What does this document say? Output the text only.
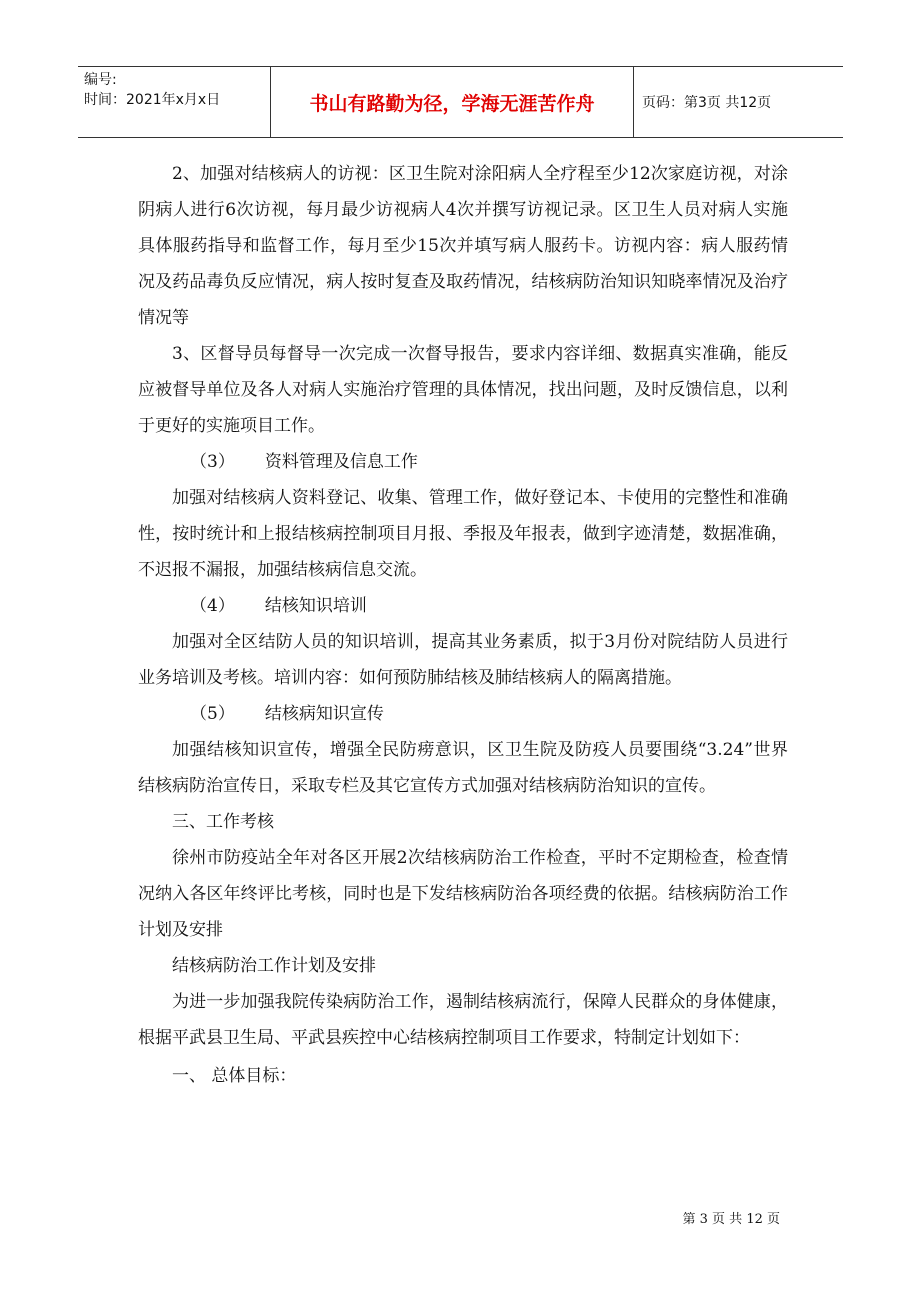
编号:
时间：2021年x月x日	书山有路勤为径，学海无涯苦作舟	页码：第3页 共12页

2、加强对结核病人的访视：区卫生院对涂阳病人全疗程至少12次家庭访视，对涂阴病人进行6次访视，每月最少访视病人4次并撰写访视记录。区卫生人员对病人实施具体服药指导和监督工作，每月至少15次并填写病人服药卡。访视内容：病人服药情况及药品毒负反应情况，病人按时复查及取药情况，结核病防治知识知晓率情况及治疗情况等

3、区督导员每督导一次完成一次督导报告，要求内容详细、数据真实准确，能反应被督导单位及各人对病人实施治疗管理的具体情况，找出问题，及时反馈信息，以利于更好的实施项目工作。

（3） 资料管理及信息工作

加强对结核病人资料登记、收集、管理工作，做好登记本、卡使用的完整性和准确性，按时统计和上报结核病控制项目月报、季报及年报表，做到字迹清楚，数据准确，不迟报不漏报，加强结核病信息交流。

（4） 结核知识培训

加强对全区结防人员的知识培训，提高其业务素质，拟于3月份对院结防人员进行业务培训及考核。培训内容：如何预防肺结核及肺结核病人的隔离措施。

（5） 结核病知识宣传

加强结核知识宣传，增强全民防痨意识，区卫生院及防疫人员要围绕“3.24”世界结核病防治宣传日，采取专栏及其它宣传方式加强对结核病防治知识的宣传。

三、工作考核

徐州市防疫站全年对各区开展2次结核病防治工作检查，平时不定期检查，检查情况纳入各区年终评比考核，同时也是下发结核病防治各项经费的依据。结核病防治工作计划及安排

结核病防治工作计划及安排

为进一步加强我院传染病防治工作，遏制结核病流行，保障人民群众的身体健康，根据平武县卫生局、平武县疾控中心结核病控制项目工作要求，特制定计划如下：

一、 总体目标：

第 3 页 共 12 页
